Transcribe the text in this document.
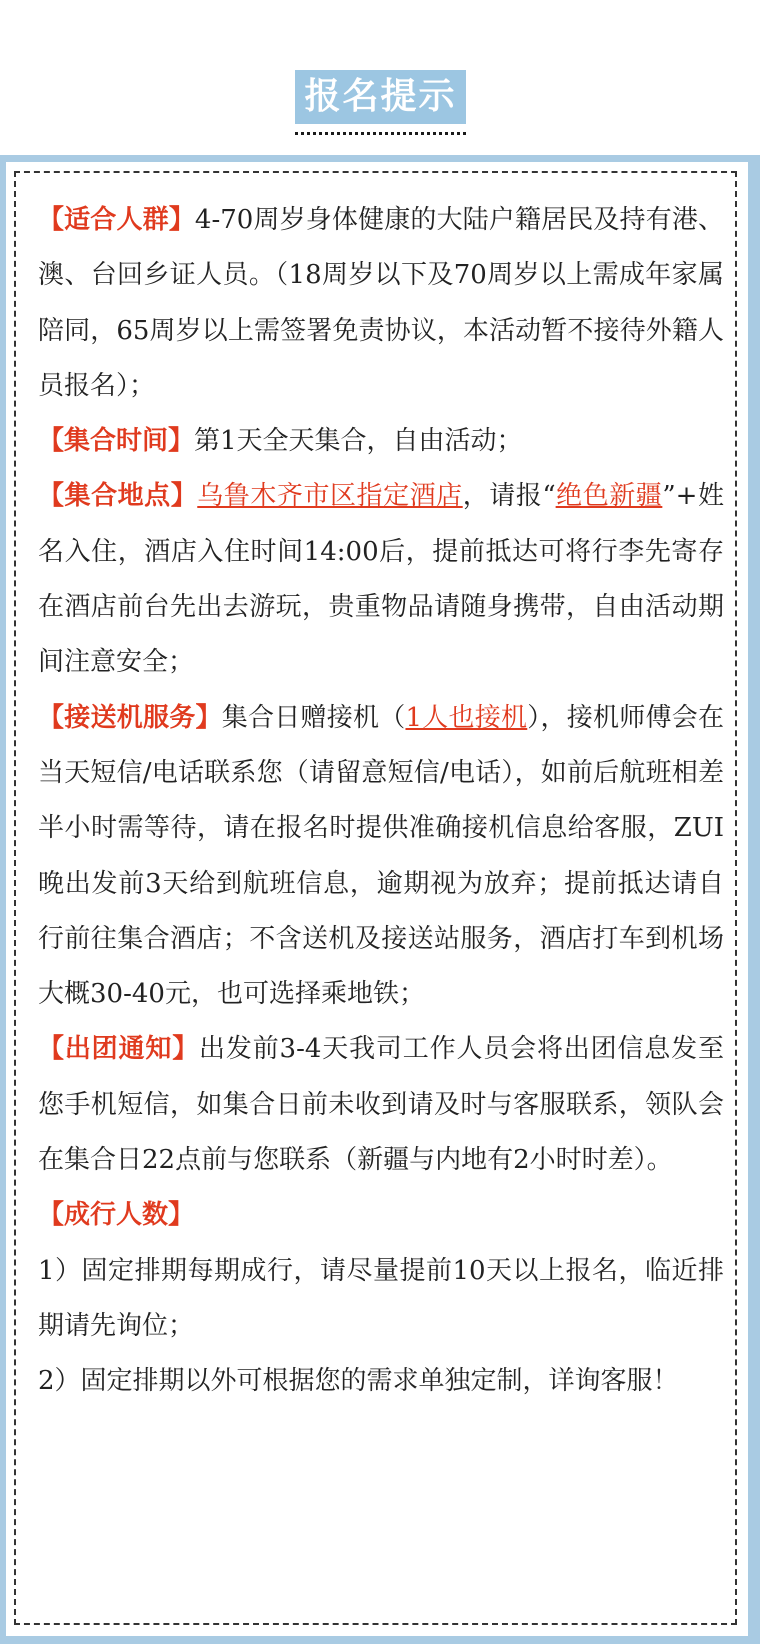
报名提示

【适合人群】4-70周岁身体健康的大陆户籍居民及持有港、澳、台回乡证人员。（18周岁以下及70周岁以上需成年家属陪同，65周岁以上需签署免责协议，本活动暂不接待外籍人员报名）；

【集合时间】第1天全天集合，自由活动；

【集合地点】乌鲁木齐市区指定酒店，请报“绝色新疆”+姓名入住，酒店入住时间14:00后，提前抵达可将行李先寄存在酒店前台先出去游玩，贵重物品请随身携带，自由活动期间注意安全；

【接送机服务】集合日赠接机（1人也接机），接机师傅会在当天短信/电话联系您（请留意短信/电话），如前后航班相差半小时需等待，请在报名时提供准确接机信息给客服，ZUI晚出发前3天给到航班信息，逾期视为放弃；提前抵达请自行前往集合酒店；不含送机及接送站服务，酒店打车到机场大概30-40元，也可选择乘地铁；

【出团通知】出发前3-4天我司工作人员会将出团信息发至您手机短信，如集合日前未收到请及时与客服联系，领队会在集合日22点前与您联系（新疆与内地有2小时时差）。

【成行人数】

1）固定排期每期成行，请尽量提前10天以上报名，临近排期请先询位；

2）固定排期以外可根据您的需求单独定制，详询客服！
